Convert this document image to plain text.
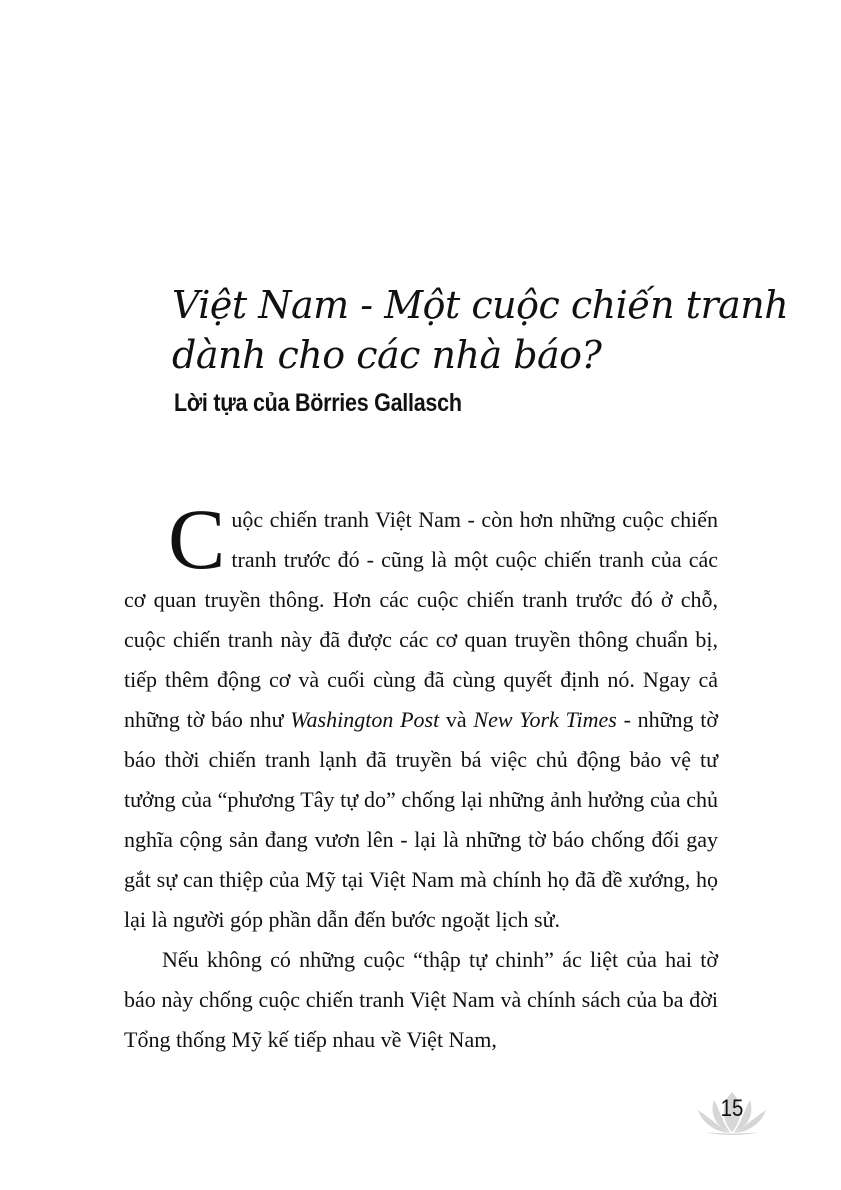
Việt Nam - Một cuộc chiến tranh
dành cho các nhà báo?
Lời tựa của Börries Gallasch

Cuộc chiến tranh Việt Nam - còn hơn những cuộc chiến tranh trước đó - cũng là một cuộc chiến tranh của các cơ quan truyền thông. Hơn các cuộc chiến tranh trước đó ở chỗ, cuộc chiến tranh này đã được các cơ quan truyền thông chuẩn bị, tiếp thêm động cơ và cuối cùng đã cùng quyết định nó. Ngay cả những tờ báo như Washington Post và New York Times - những tờ báo thời chiến tranh lạnh đã truyền bá việc chủ động bảo vệ tư tưởng của “phương Tây tự do” chống lại những ảnh hưởng của chủ nghĩa cộng sản đang vươn lên - lại là những tờ báo chống đối gay gắt sự can thiệp của Mỹ tại Việt Nam mà chính họ đã đề xướng, họ lại là người góp phần dẫn đến bước ngoặt lịch sử.

Nếu không có những cuộc “thập tự chinh” ác liệt của hai tờ báo này chống cuộc chiến tranh Việt Nam và chính sách của ba đời Tổng thống Mỹ kế tiếp nhau về Việt Nam,

15
